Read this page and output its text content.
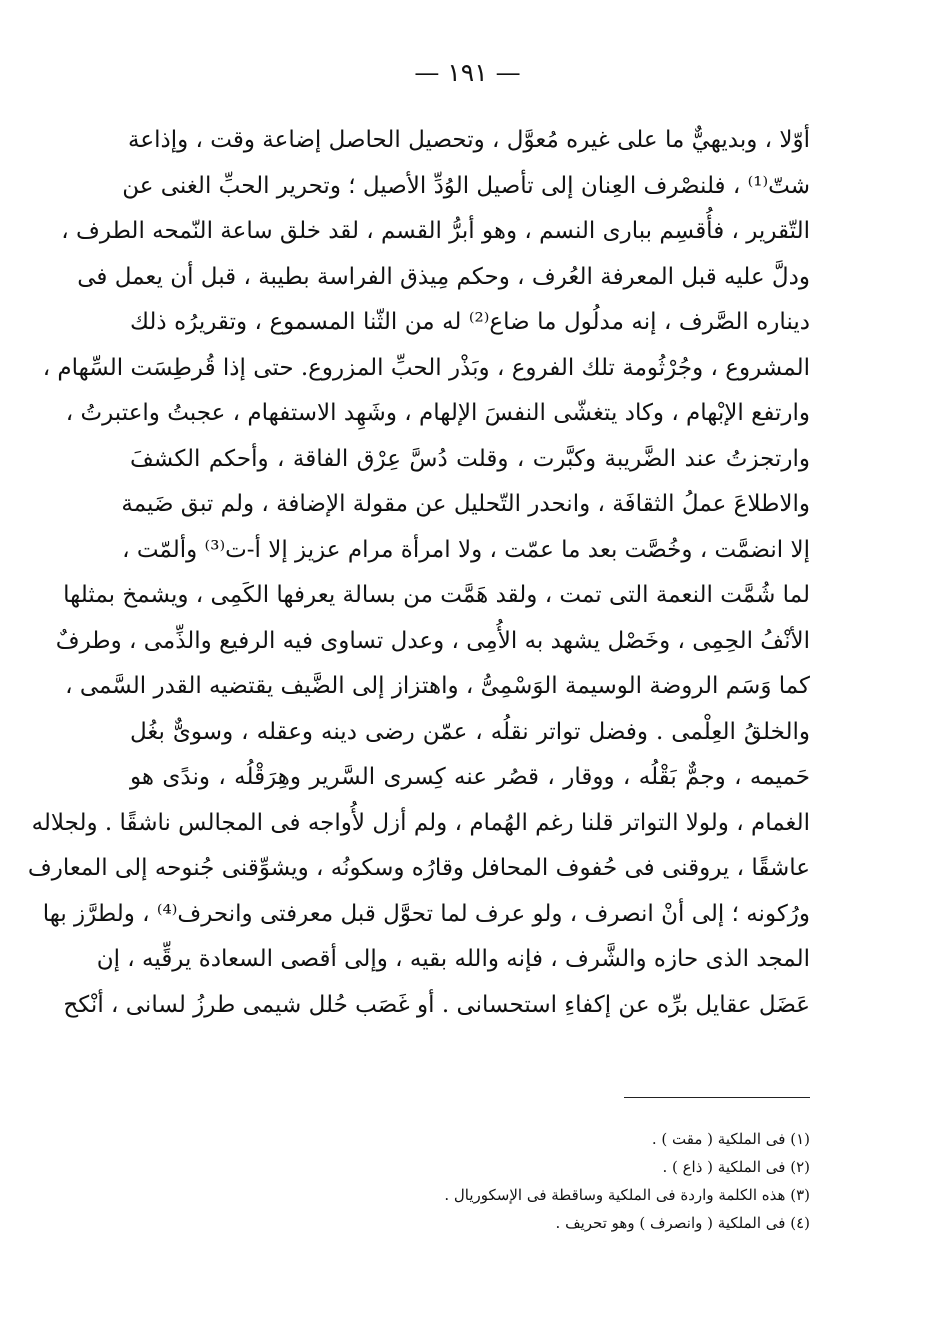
— ١٩١ —
أوّلا ، وبديهيٌّ ما على غيره مُعوَّل ، وتحصيل الحاصل إضاعة وقت ، وإذاعة
شتّ⁽¹⁾ ، فلنصْرف العِنان إلى تأصيل الوُدِّ الأصيل ؛ وتحرير الحبِّ الغنى عن
التّقرير ، فأُقسِم ببارى النسم ، وهو أبرُّ القسم ، لقد خلق ساعة النّمحه الطرف ،
ودلَّ عليه قبل المعرفة العُرف ، وحكم مِيذق الفراسة بطيبة ، قبل أن يعمل فى
ديناره الصَّرف ، إنه مدلُول ما ضاع⁽²⁾ له من الثّنا المسموع ، وتقريرُه ذلك
المشروع ، وجُرْثُومة تلك الفروع ، وبَذْر الحبِّ المزروع. حتى إذا قُرطِسَت السِّهام ،
وارتفع الإبْهام ، وكاد يتغشّى النفسَ الإلهام ، وشَهِد الاستفهام ، عجبتُ واعتبرتُ ،
وارتجزتُ عند الضَّريبة وكبَّرت ، وقلت دُسَّ عِرْق الفاقة ، وأحكم الكشفَ
والاطلاعَ عملُ الثقافَة ، وانحدر التّحليل عن مقولة الإضافة ، ولم تبق ضَيمة
إلا انضمَّت ، وخُصَّت بعد ما عمّت ، ولا امرأة مرام عزيز إلا أ-ت⁽³⁾ وألمّت ،
لما شُمَّت النعمة التى تمت ، ولقد هَمَّت من بسالة يعرفها الكَمِى ، ويشمخ بمثلها
الأنْفُ الحِمِى ، وخَصْل يشهد به الأُمِى ، وعدل تساوى فيه الرفيع والذِّمى ، وطرفٌ
كما وَسَم الروضة الوسيمة الوَسْمِىُّ ، واهتزاز إلى الضَّيف يقتضيه القدر السَّمى ،
والخلقُ العِلْمى . وفضل تواتر نقلُه ، عمّن رضى دينه وعقله ، وسوىٌّ بغُل
حَميمه ، وجمٌّ بَقْلُه ، ووقار ، قصُر عنه كِسرى السَّرير وهِرَقْلُه ، وندًى هو
الغمام ، ولولا التواتر قلنا رغم الهُمام ، ولم أزل لأُواجه فى المجالس ناشقًا . ولجلاله
عاشقًا ، يروقنى فى حُفوف المحافل وقارُه وسكونُه ، ويشوِّقنى جُنوحه إلى المعارف
ورُكونه ؛ إلى أنْ انصرف ، ولو عرف لما تحوَّل قبل معرفتى وانحرف⁽⁴⁾ ، ولطرَّز بها
المجد الذى حازه والشَّرف ، فإنه والله بقيه ، وإلى أقصى السعادة يرقِّيه ، إن
عَضَل عقايل برِّه عن إكفاءِ استحسانى . أو غَصَب حُلل شيمى طرزُ لسانى ، أنْكح
(١) فى الملكية ( مقت ) .
(٢) فى الملكية ( ذاع ) .
(٣) هذه الكلمة واردة فى الملكية وساقطة فى الإسكوريال .
(٤) فى الملكية ( وانصرف ) وهو تحريف .
